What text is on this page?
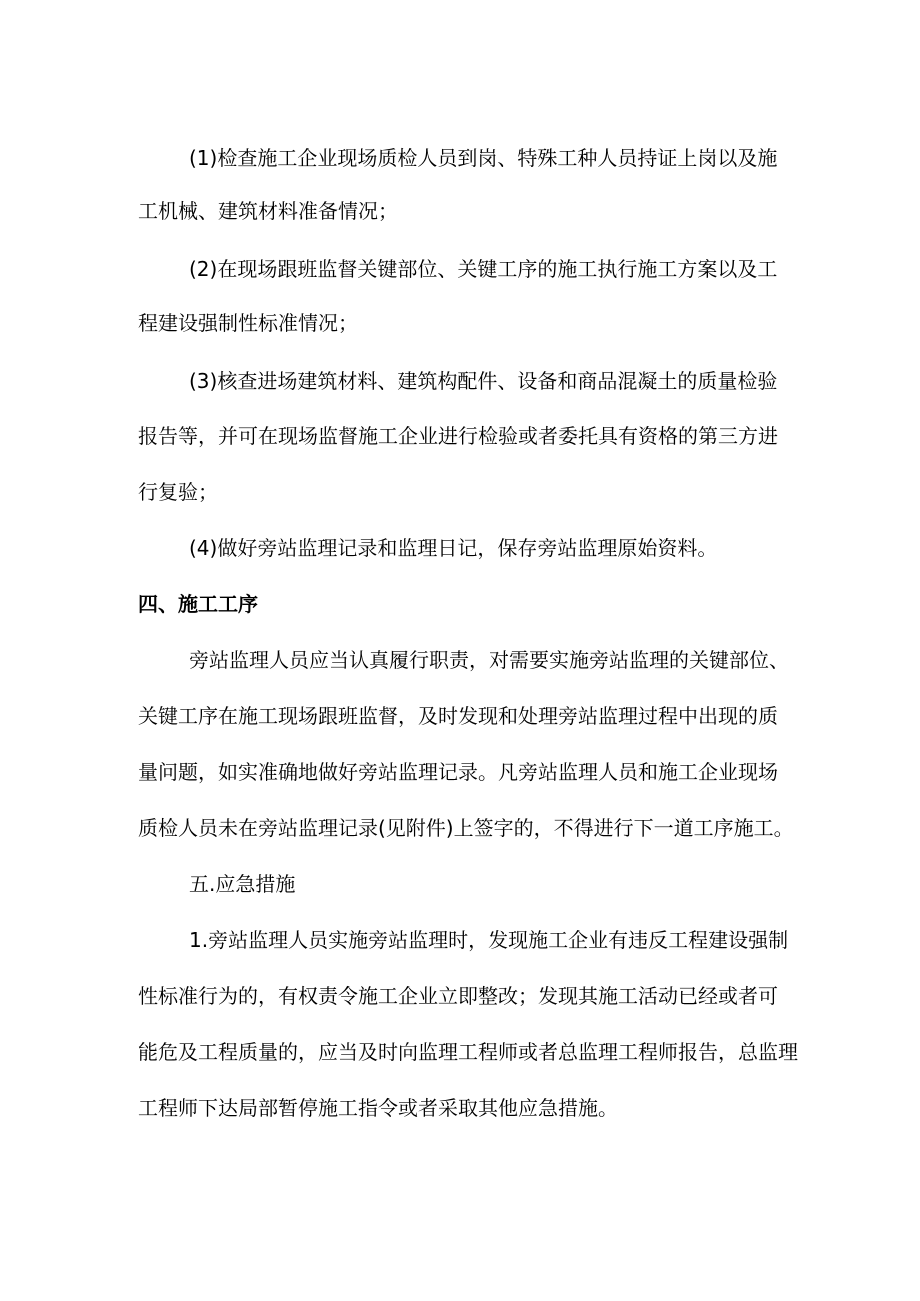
(1)检查施工企业现场质检人员到岗、特殊工种人员持证上岗以及施
工机械、建筑材料准备情况；
(2)在现场跟班监督关键部位、关键工序的施工执行施工方案以及工
程建设强制性标准情况；
(3)核查进场建筑材料、建筑构配件、设备和商品混凝土的质量检验
报告等，并可在现场监督施工企业进行检验或者委托具有资格的第三方进
行复验；
(4)做好旁站监理记录和监理日记，保存旁站监理原始资料。
四、施工工序
旁站监理人员应当认真履行职责，对需要实施旁站监理的关键部位、
关键工序在施工现场跟班监督，及时发现和处理旁站监理过程中出现的质
量问题，如实准确地做好旁站监理记录。凡旁站监理人员和施工企业现场
质检人员未在旁站监理记录(见附件)上签字的，不得进行下一道工序施工。
五.应急措施
1.旁站监理人员实施旁站监理时，发现施工企业有违反工程建设强制
性标准行为的，有权责令施工企业立即整改；发现其施工活动已经或者可
能危及工程质量的，应当及时向监理工程师或者总监理工程师报告，总监理
工程师下达局部暂停施工指令或者采取其他应急措施。
